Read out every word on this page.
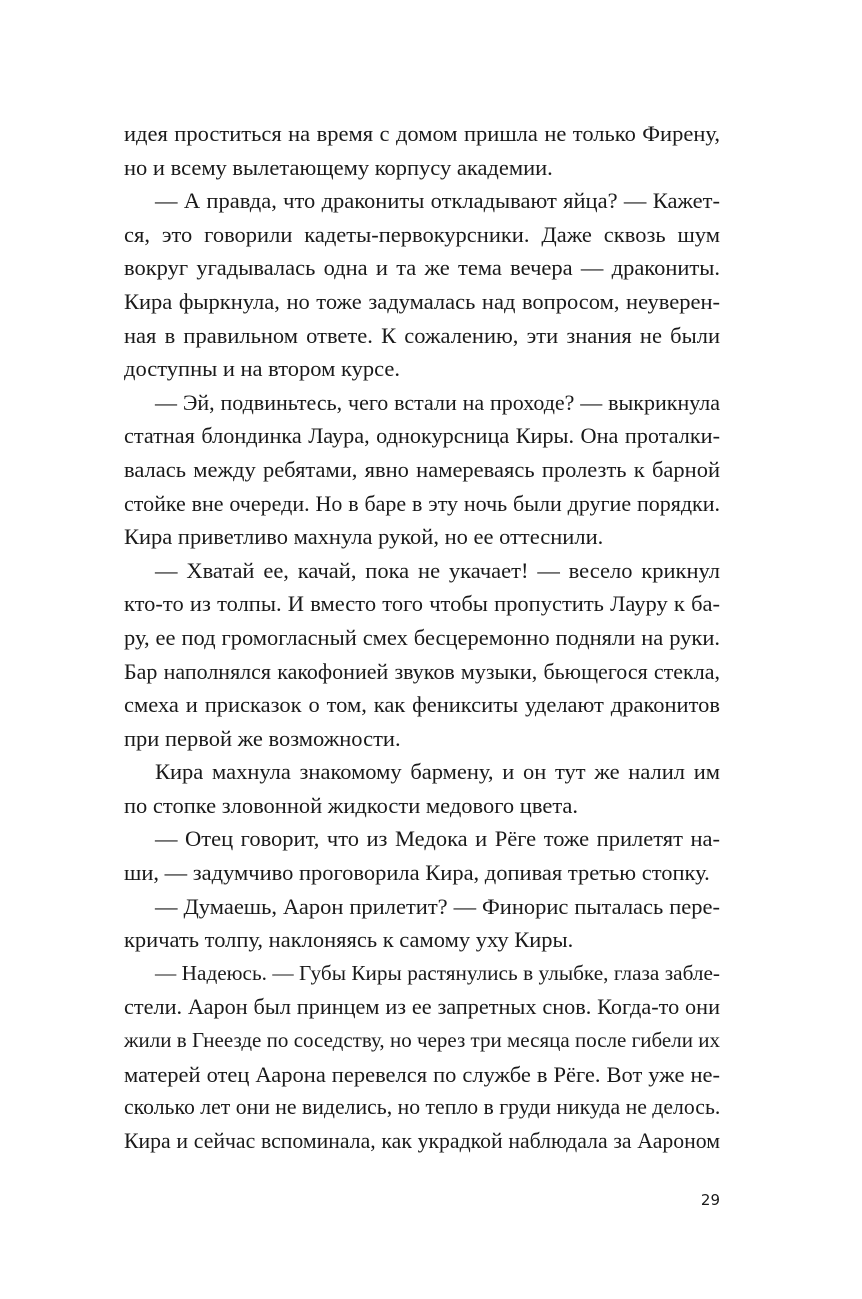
идея проститься на время с домом пришла не только Фирену,
но и всему вылетающему корпусу академии.
— А правда, что дракониты откладывают яйца? — Кажет-
ся, это говорили кадеты-первокурсники. Даже сквозь шум
вокруг угадывалась одна и та же тема вечера — дракониты.
Кира фыркнула, но тоже задумалась над вопросом, неуверен-
ная в правильном ответе. К сожалению, эти знания не были
доступны и на втором курсе.
— Эй, подвиньтесь, чего встали на проходе? — выкрикнула
статная блондинка Лаура, однокурсница Киры. Она проталки-
валась между ребятами, явно намереваясь пролезть к барной
стойке вне очереди. Но в баре в эту ночь были другие порядки.
Кира приветливо махнула рукой, но ее оттеснили.
— Хватай ее, качай, пока не укачает! — весело крикнул
кто-то из толпы. И вместо того чтобы пропустить Лауру к ба-
ру, ее под громогласный смех бесцеремонно подняли на руки.
Бар наполнялся какофонией звуков музыки, бьющегося стекла,
смеха и присказок о том, как феникситы уделают драконитов
при первой же возможности.
Кира махнула знакомому бармену, и он тут же налил им
по стопке зловонной жидкости медового цвета.
— Отец говорит, что из Медока и Рёге тоже прилетят на-
ши, — задумчиво проговорила Кира, допивая третью стопку.
— Думаешь, Аарон прилетит? — Финорис пыталась пере-
кричать толпу, наклоняясь к самому уху Киры.
— Надеюсь. — Губы Киры растянулись в улыбке, глаза забле-
стели. Аарон был принцем из ее запретных снов. Когда-то они
жили в Гнеезде по соседству, но через три месяца после гибели их
матерей отец Аарона перевелся по службе в Рёге. Вот уже не-
сколько лет они не виделись, но тепло в груди никуда не делось.
Кира и сейчас вспоминала, как украдкой наблюдала за Аароном
29
